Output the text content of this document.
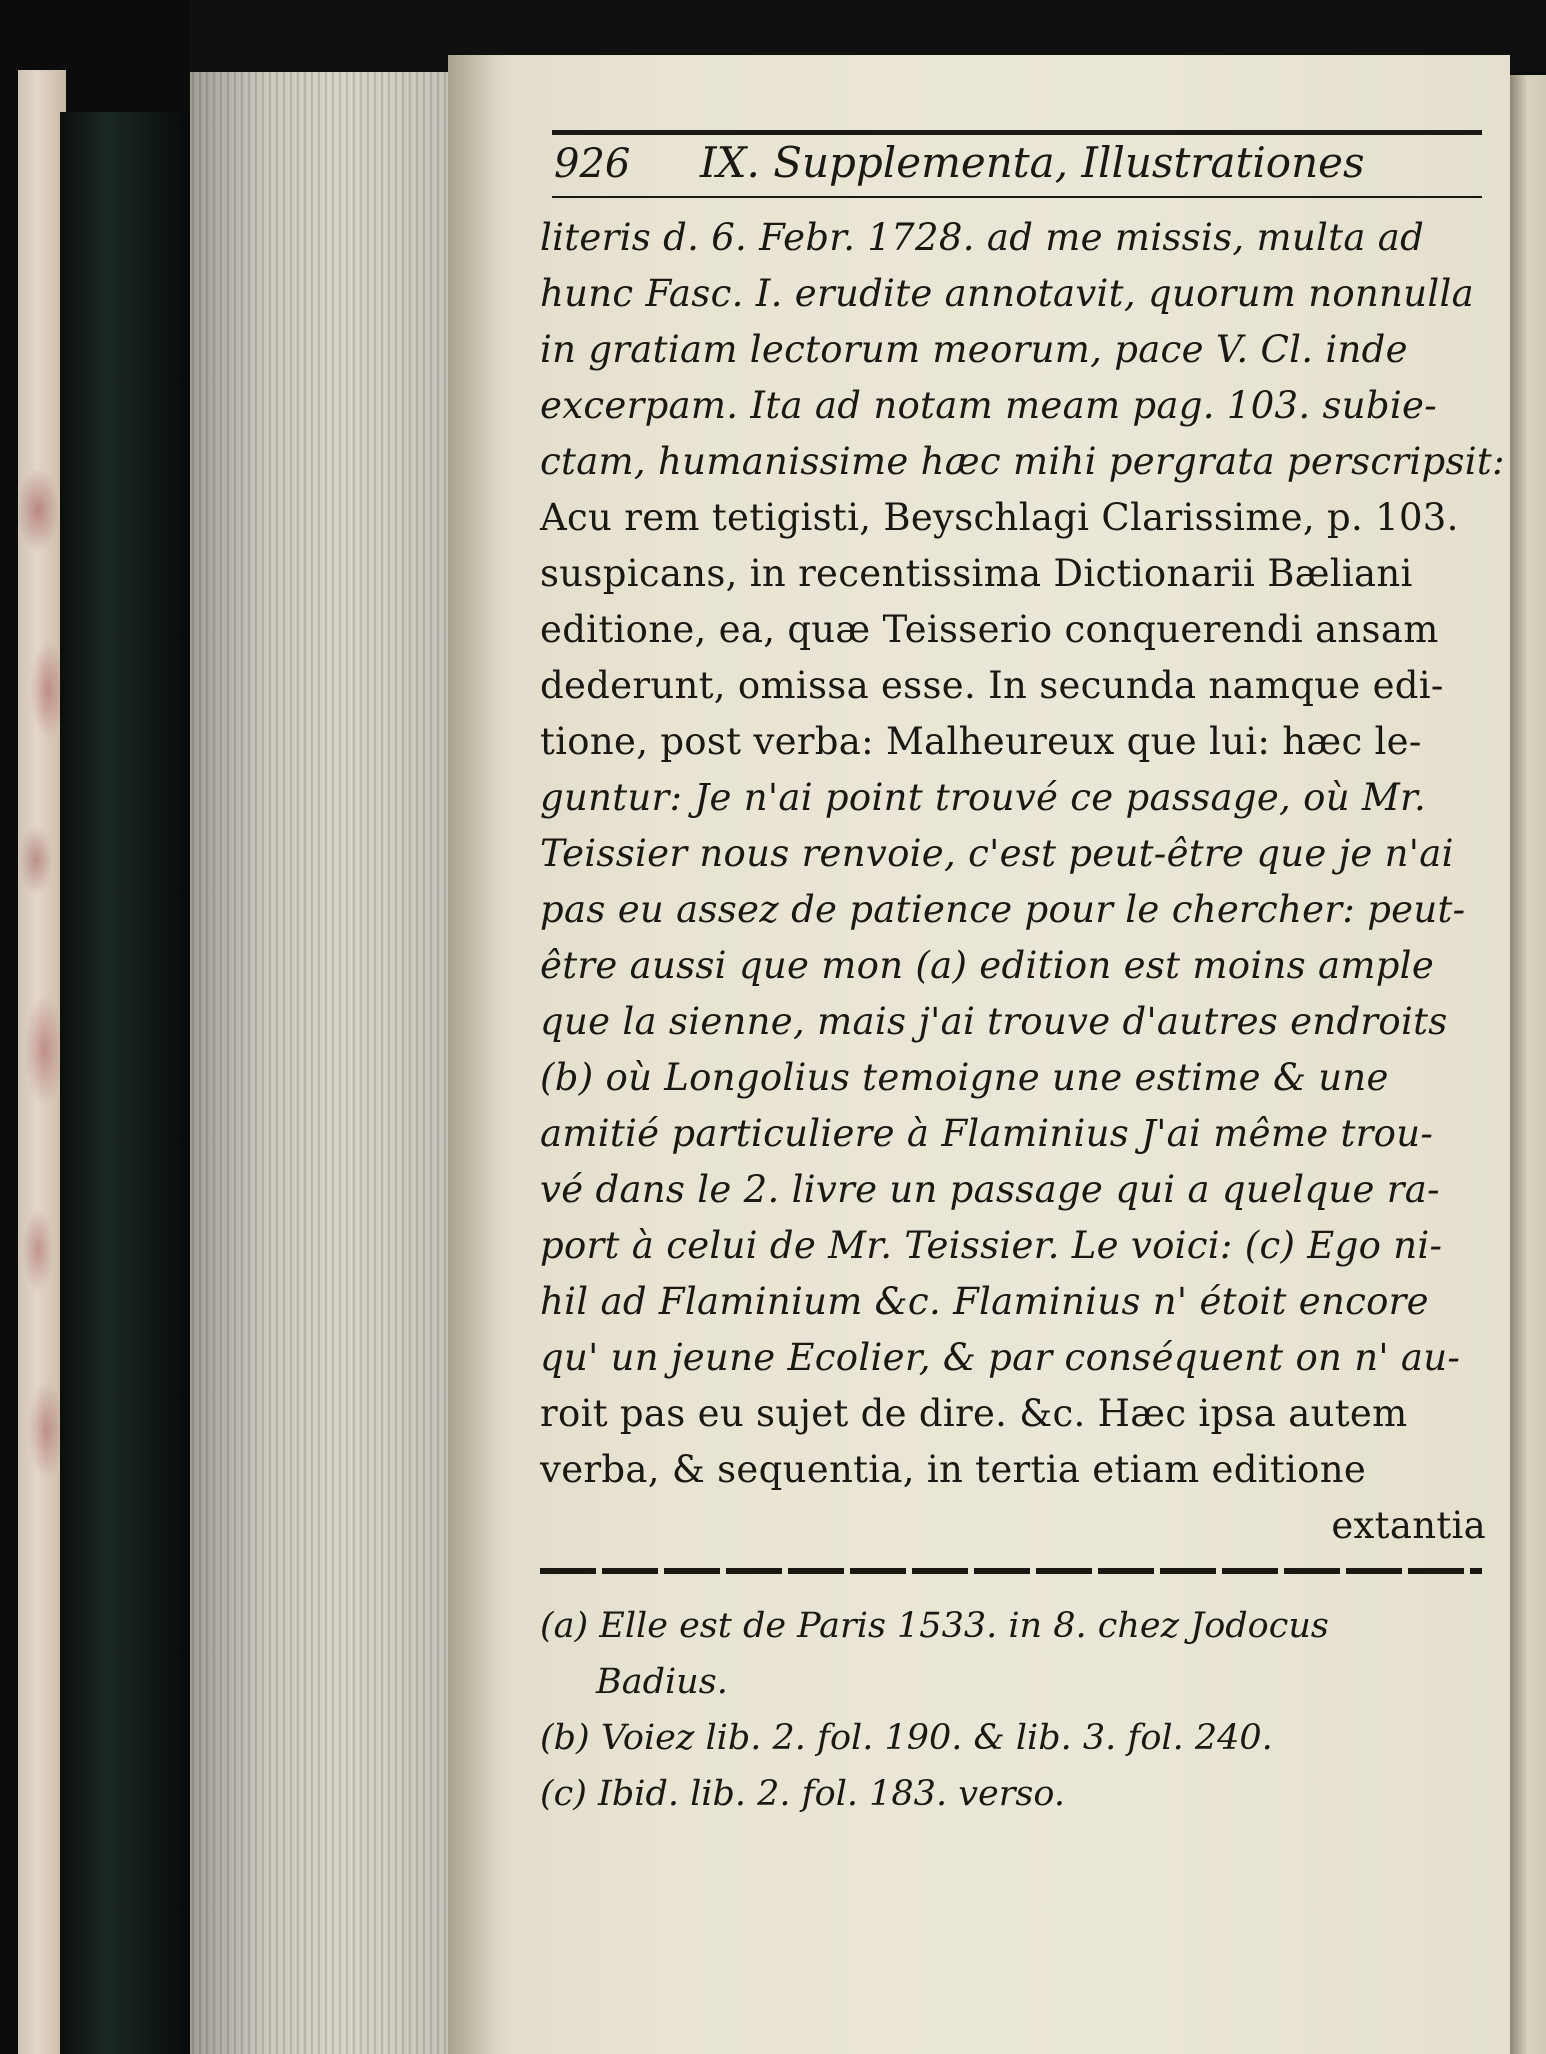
926 IX. Supplementa, Illustrationes
literis d. 6. Febr. 1728. ad me missis, multa ad
hunc Fasc. I. erudite annotavit, quorum nonnulla
in gratiam lectorum meorum, pace V. Cl. inde
excerpam. Ita ad notam meam pag. 103. subie-
ctam, humanissime hæc mihi pergrata perscripsit:
Acu rem tetigisti, Beyschlagi Clarissime, p. 103.
suspicans, in recentissima Dictionarii Bæliani
editione, ea, quæ Teisserio conquerendi ansam
dederunt, omissa esse. In secunda namque edi-
tione, post verba: Malheureux que lui: hæc le-
guntur: Je n'ai point trouvé ce passage, où Mr.
Teissier nous renvoie, c'est peut-être que je n'ai
pas eu assez de patience pour le chercher: peut-
être aussi que mon (a) edition est moins ample
que la sienne, mais j'ai trouve d'autres endroits
(b) où Longolius temoigne une estime & une
amitié particuliere à Flaminius J'ai même trou-
vé dans le 2. livre un passage qui a quelque ra-
port à celui de Mr. Teissier. Le voici: (c) Ego ni-
hil ad Flaminium &c. Flaminius n' étoit encore
qu' un jeune Ecolier, & par conséquent on n' au-
roit pas eu sujet de dire. &c. Hæc ipsa autem
verba, & sequentia, in tertia etiam editione
extantia
(a) Elle est de Paris 1533. in 8. chez Jodocus
Badius.
(b) Voiez lib. 2. fol. 190. & lib. 3. fol. 240.
(c) Ibid. lib. 2. fol. 183. verso.
